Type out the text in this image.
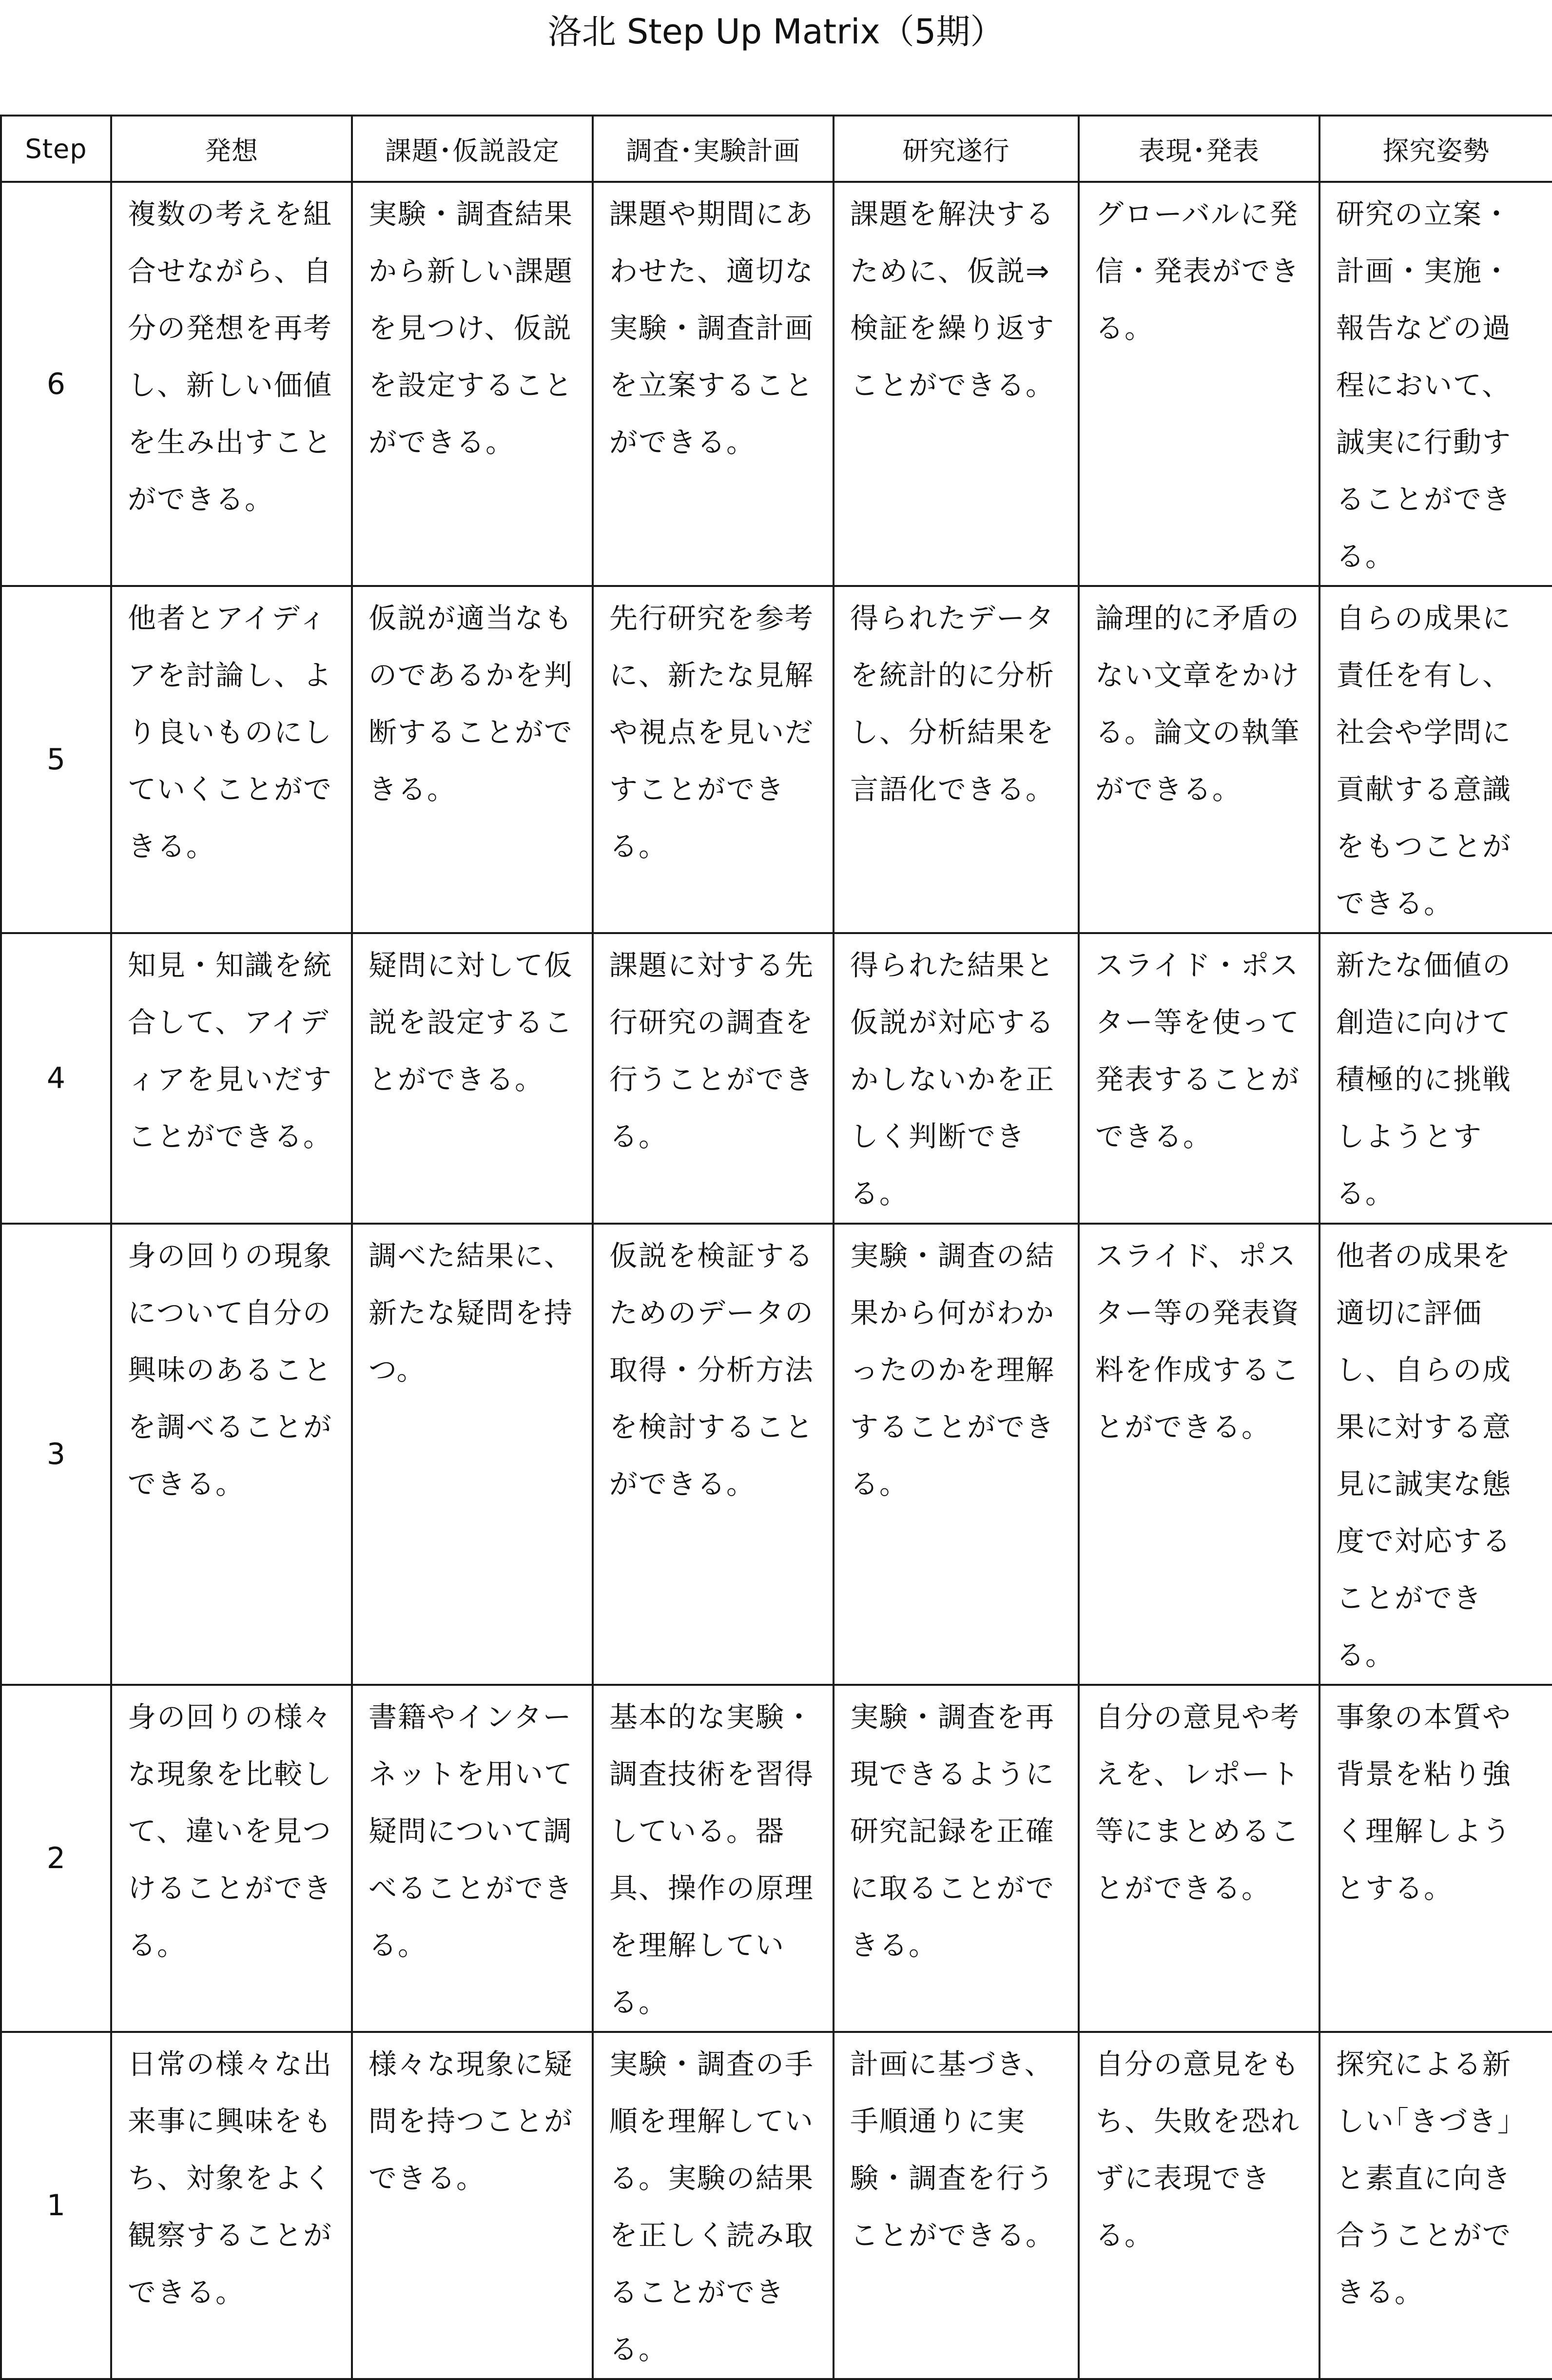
洛北 Step Up Matrix（5期）
Step	発想	課題･仮説設定	調査･実験計画	研究遂行	表現･発表	探究姿勢
6	複数の考えを組合せながら、自分の発想を再考し、新しい価値を生み出すことができる。	実験・調査結果から新しい課題を見つけ、仮説を設定することができる。	課題や期間にあわせた、適切な実験・調査計画を立案することができる。	課題を解決するために、仮説⇒検証を繰り返すことができる。	グローバルに発信・発表ができる。	研究の立案・計画・実施・報告などの過程において、誠実に行動することができる。
5	他者とアイディアを討論し、より良いものにしていくことができる。	仮説が適当なものであるかを判断することができる。	先行研究を参考に、新たな見解や視点を見いだすことができる。	得られたデータを統計的に分析し、分析結果を言語化できる。	論理的に矛盾のない文章をかける。論文の執筆ができる。	自らの成果に責任を有し、社会や学問に貢献する意識をもつことができる。
4	知見・知識を統合して、アイディアを見いだすことができる。	疑問に対して仮説を設定することができる。	課題に対する先行研究の調査を行うことができる。	得られた結果と仮説が対応するかしないかを正しく判断できる。	スライド・ポスター等を使って発表することができる。	新たな価値の創造に向けて積極的に挑戦しようとする。
3	身の回りの現象について自分の興味のあることを調べることができる。	調べた結果に、新たな疑問を持つ。	仮説を検証するためのデータの取得・分析方法を検討することができる。	実験・調査の結果から何がわかったのかを理解することができる。	スライド、ポスター等の発表資料を作成することができる。	他者の成果を適切に評価し、自らの成果に対する意見に誠実な態度で対応することができる。
2	身の回りの様々な現象を比較して、違いを見つけることができる。	書籍やインターネットを用いて疑問について調べることができる。	基本的な実験・調査技術を習得している。器具、操作の原理を理解している。	実験・調査を再現できるように研究記録を正確に取ることができる。	自分の意見や考えを、レポート等にまとめることができる。	事象の本質や背景を粘り強く理解しようとする。
1	日常の様々な出来事に興味をもち、対象をよく観察することができる。	様々な現象に疑問を持つことができる。	実験・調査の手順を理解している。実験の結果を正しく読み取ることができる。	計画に基づき、手順通りに実験・調査を行うことができる。	自分の意見をもち、失敗を恐れずに表現できる。	探究による新しい｢きづき｣と素直に向き合うことができる。
